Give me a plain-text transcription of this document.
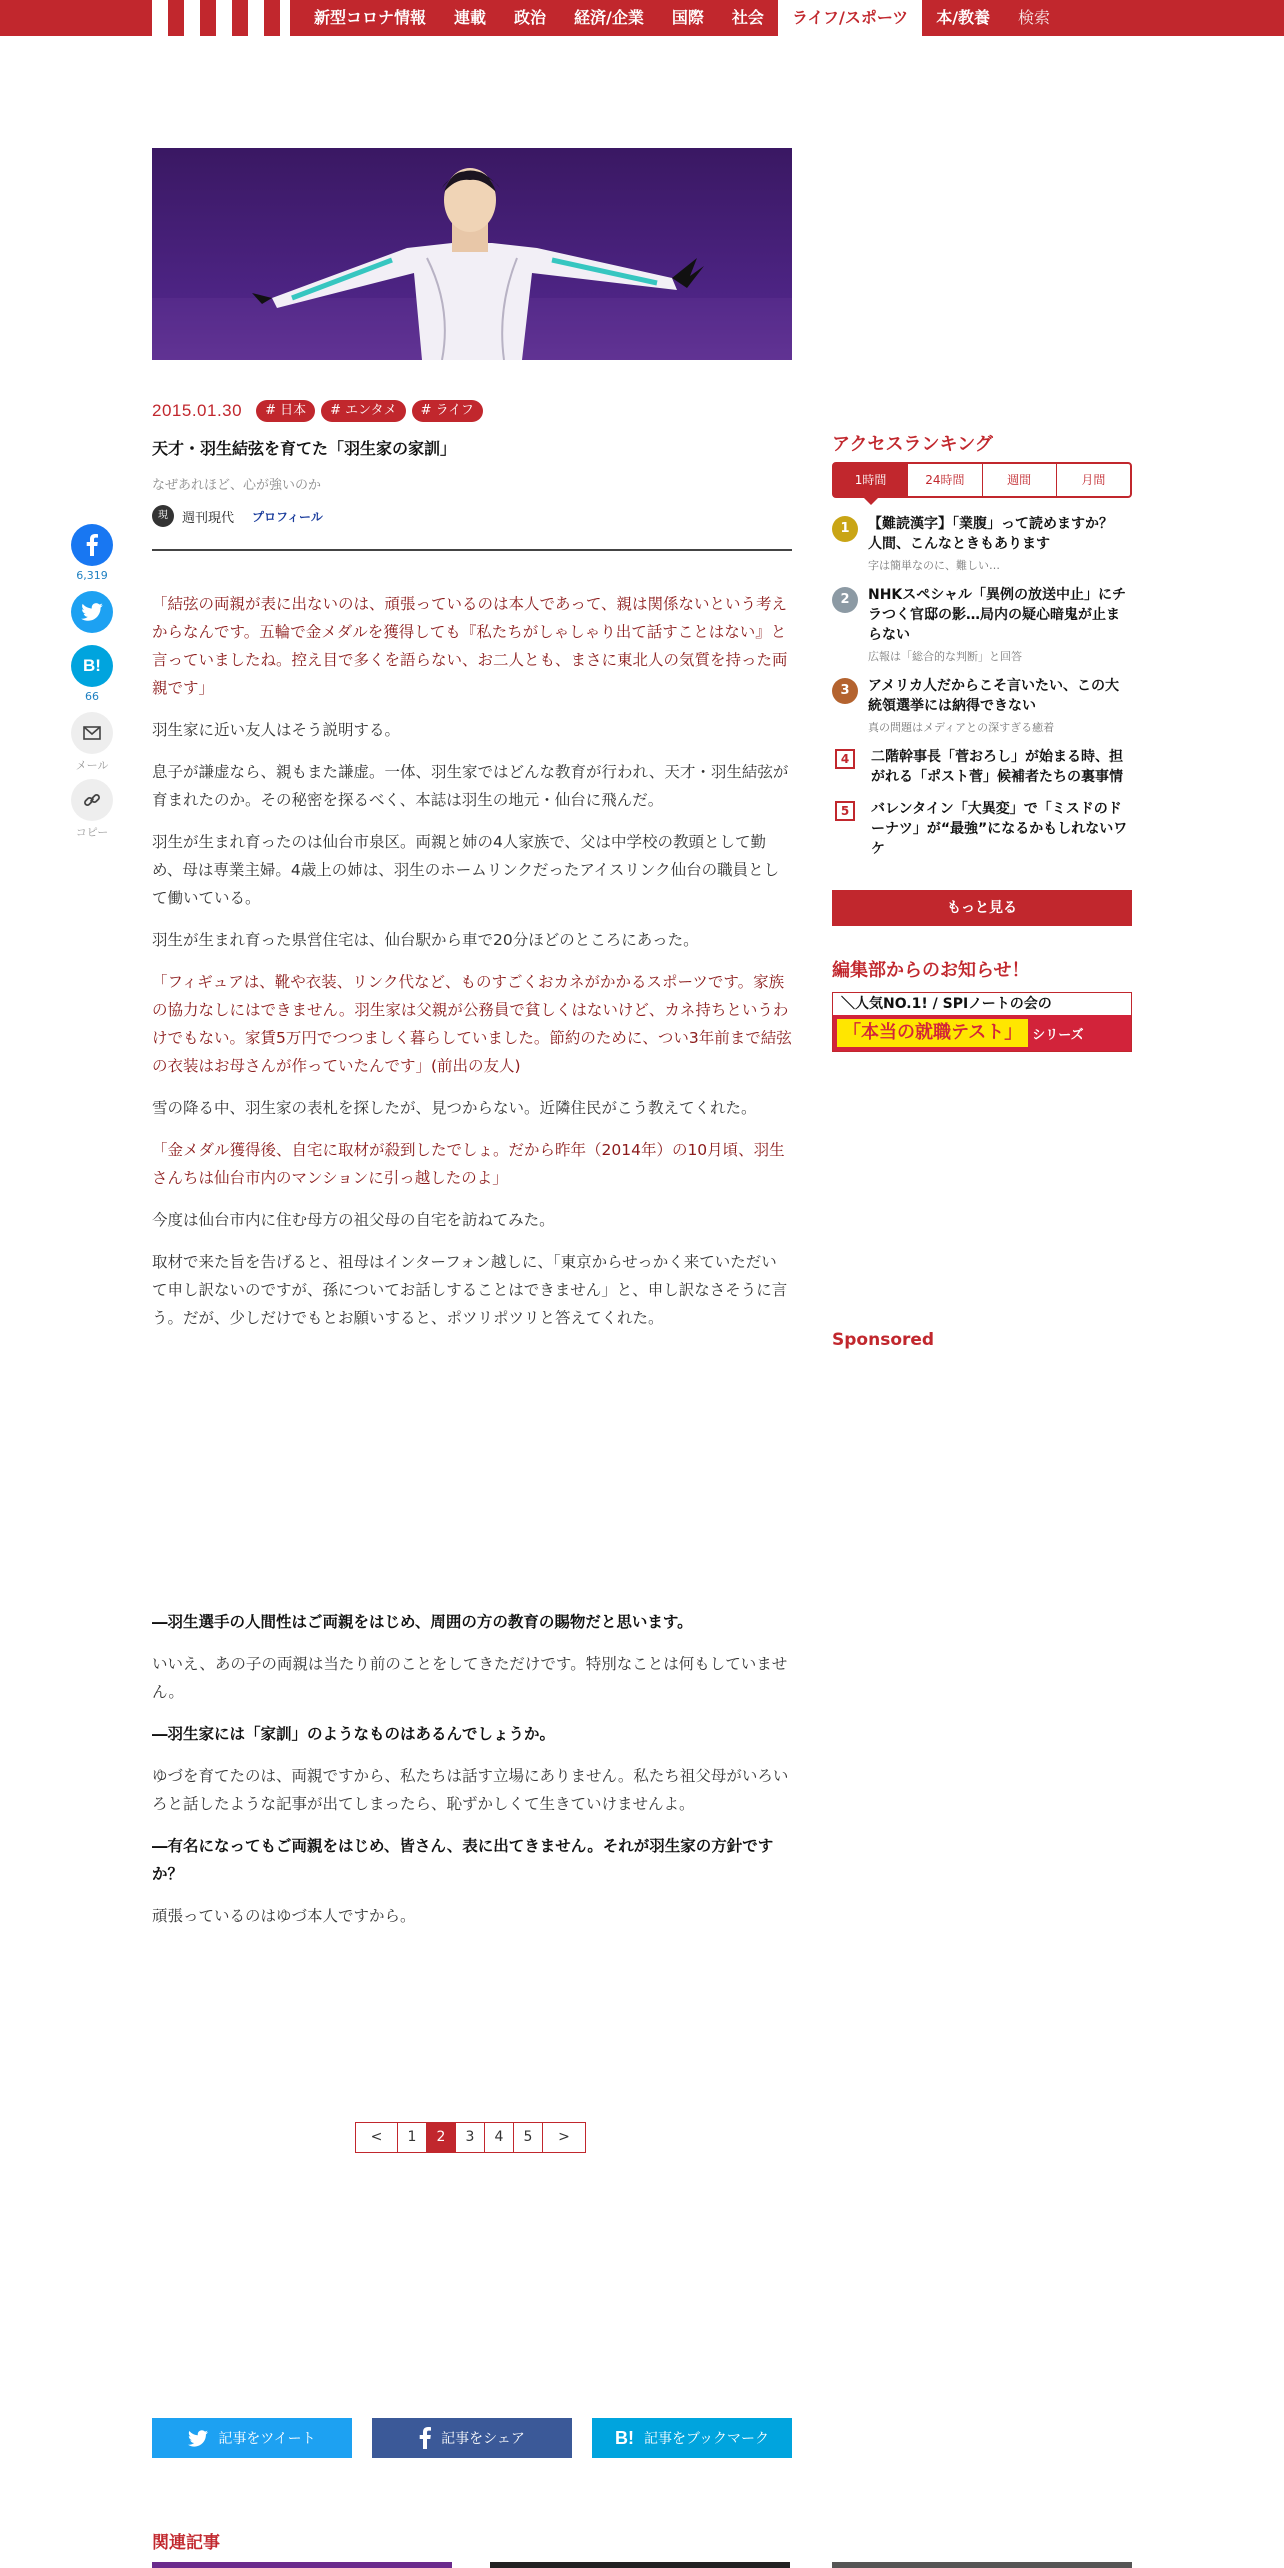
新型コロナ情報	連載	政治	経済/企業	国際	社会	ライフ/スポーツ	本/教養	検索
2015.01.30	# 日本	# エンタメ	# ライフ
天才・羽生結弦を育てた「羽生家の家訓」
なぜあれほど、心が強いのか
現	週刊現代 プロフィール

「結弦の両親が表に出ないのは、頑張っているのは本人であって、親は関係ないという考えからなんです。五輪で金メダルを獲得しても『私たちがしゃしゃり出て話すことはない』と言っていましたね。控え目で多くを語らない、お二人とも、まさに東北人の気質を持った両親です」

羽生家に近い友人はそう説明する。

息子が謙虚なら、親もまた謙虚。一体、羽生家ではどんな教育が行われ、天才・羽生結弦が育まれたのか。その秘密を探るべく、本誌は羽生の地元・仙台に飛んだ。

羽生が生まれ育ったのは仙台市泉区。両親と姉の4人家族で、父は中学校の教頭として勤め、母は専業主婦。4歳上の姉は、羽生のホームリンクだったアイスリンク仙台の職員として働いている。

羽生が生まれ育った県営住宅は、仙台駅から車で20分ほどのところにあった。

「フィギュアは、靴や衣装、リンク代など、ものすごくおカネがかかるスポーツです。家族の協力なしにはできません。羽生家は父親が公務員で貧しくはないけど、カネ持ちというわけでもない。家賃5万円でつつましく暮らしていました。節約のために、つい3年前まで結弦の衣装はお母さんが作っていたんです」(前出の友人)

雪の降る中、羽生家の表札を探したが、見つからない。近隣住民がこう教えてくれた。

「金メダル獲得後、自宅に取材が殺到したでしょ。だから昨年（2014年）の10月頃、羽生さんちは仙台市内のマンションに引っ越したのよ」

今度は仙台市内に住む母方の祖父母の自宅を訪ねてみた。

取材で来た旨を告げると、祖母はインターフォン越しに、「東京からせっかく来ていただいて申し訳ないのですが、孫についてお話しすることはできません」と、申し訳なさそうに言う。だが、少しだけでもとお願いすると、ポツリポツリと答えてくれた。

―羽生選手の人間性はご両親をはじめ、周囲の方の教育の賜物だと思います。

いいえ、あの子の両親は当たり前のことをしてきただけです。特別なことは何もしていません。

―羽生家には「家訓」のようなものはあるんでしょうか。

ゆづを育てたのは、両親ですから、私たちは話す立場にありません。私たち祖父母がいろいろと話したような記事が出てしまったら、恥ずかしくて生きていけませんよ。

―有名になってもご両親をはじめ、皆さん、表に出てきません。それが羽生家の方針ですか？

頑張っているのはゆづ本人ですから。

<	1	2	3	4	5	>
記事をツイート	記事をシェア	B! 記事をブックマーク
関連記事
6,319
B!
66
メール
コピー
アクセスランキング
1時間	24時間	週間	月間
1	【難読漢字】「業腹」って読めますか？　人間、こんなときもあります
字は簡単なのに、難しい…
2	NHKスペシャル「異例の放送中止」にチラつく官邸の影…局内の疑心暗鬼が止まらない
広報は「総合的な判断」と回答
3	アメリカ人だからこそ言いたい、この大統領選挙には納得できない
真の問題はメディアとの深すぎる癒着
4	二階幹事長「菅おろし」が始まる時、担がれる「ポスト菅」候補者たちの裏事情
5	バレンタイン「大異変」で「ミスドのドーナツ」が“最強”になるかもしれないワケ
もっと見る
編集部からのお知らせ！
＼人気NO.1! / SPIノートの会の
「本当の就職テスト」 シリーズ
Sponsored
